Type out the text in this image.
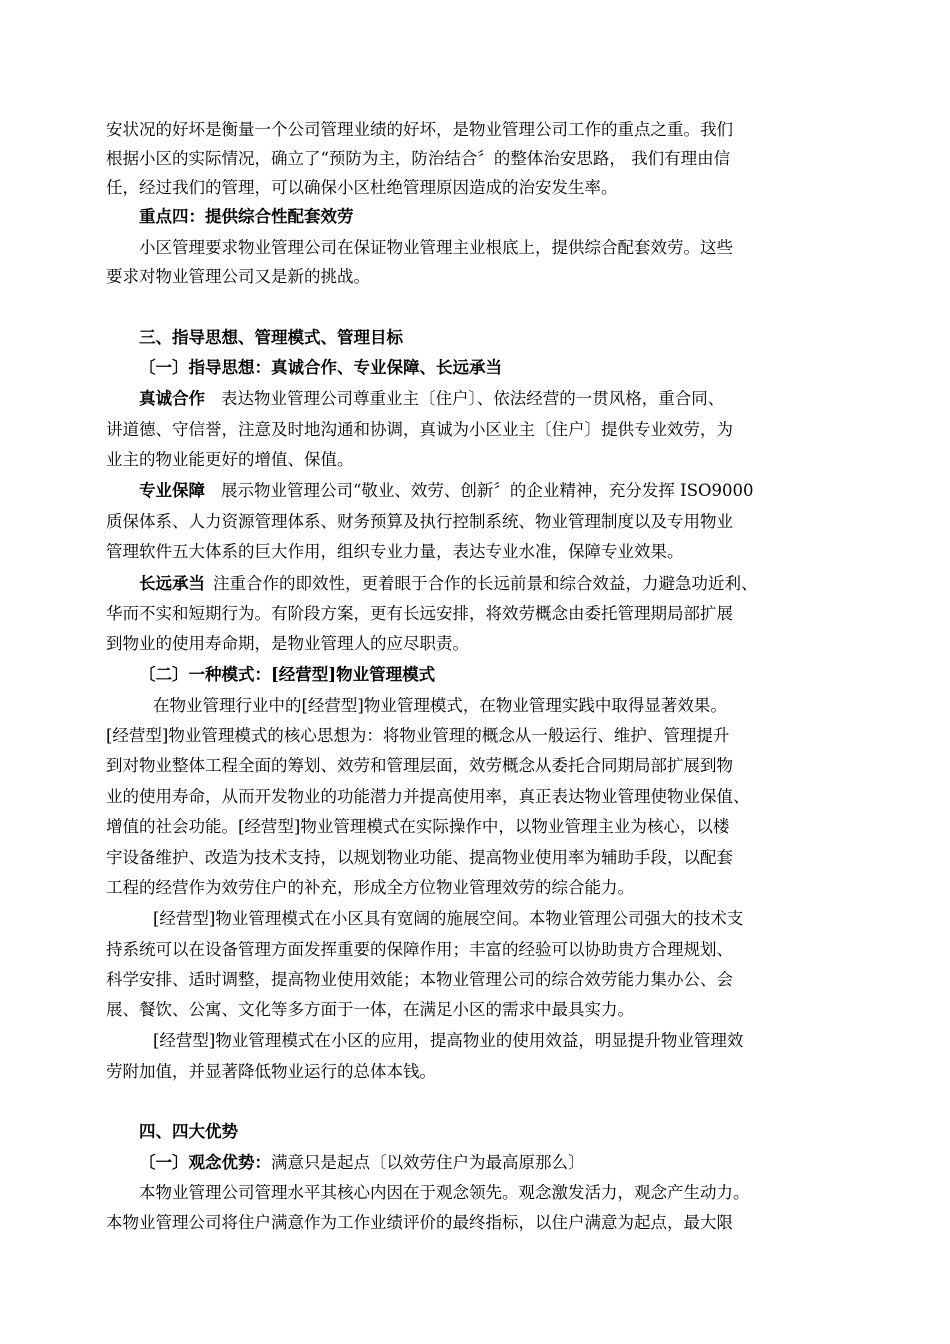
安状况的好坏是衡量一个公司管理业绩的好坏，是物业管理公司工作的重点之重。我们
根据小区的实际情况，确立了“预防为主，防治结合〞的整体治安思路， 我们有理由信
任，经过我们的管理，可以确保小区杜绝管理原因造成的治安发生率。
重点四：提供综合性配套效劳
小区管理要求物业管理公司在保证物业管理主业根底上，提供综合配套效劳。这些
要求对物业管理公司又是新的挑战。
三、指导思想、管理模式、管理目标
〔一〕指导思想：真诚合作、专业保障、长远承当
真诚合作 表达物业管理公司尊重业主〔住户〕、依法经营的一贯风格，重合同、
讲道德、守信誉，注意及时地沟通和协调，真诚为小区业主〔住户〕提供专业效劳，为
业主的物业能更好的增值、保值。
专业保障 展示物业管理公司“敬业、效劳、创新〞的企业精神，充分发挥 ISO9000
质保体系、人力资源管理体系、财务预算及执行控制系统、物业管理制度以及专用物业
管理软件五大体系的巨大作用，组织专业力量，表达专业水准，保障专业效果。
长远承当 注重合作的即效性，更着眼于合作的长远前景和综合效益，力避急功近利、
华而不实和短期行为。有阶段方案，更有长远安排，将效劳概念由委托管理期局部扩展
到物业的使用寿命期，是物业管理人的应尽职责。
〔二〕一种模式：[经营型]物业管理模式
在物业管理行业中的[经营型]物业管理模式，在物业管理实践中取得显著效果。
[经营型]物业管理模式的核心思想为：将物业管理的概念从一般运行、维护、管理提升
到对物业整体工程全面的筹划、效劳和管理层面，效劳概念从委托合同期局部扩展到物
业的使用寿命，从而开发物业的功能潜力并提高使用率，真正表达物业管理使物业保值、
增值的社会功能。[经营型]物业管理模式在实际操作中，以物业管理主业为核心，以楼
宇设备维护、改造为技术支持，以规划物业功能、提高物业使用率为辅助手段，以配套
工程的经营作为效劳住户的补充，形成全方位物业管理效劳的综合能力。
[经营型]物业管理模式在小区具有宽阔的施展空间。本物业管理公司强大的技术支
持系统可以在设备管理方面发挥重要的保障作用；丰富的经验可以协助贵方合理规划、
科学安排、适时调整，提高物业使用效能；本物业管理公司的综合效劳能力集办公、会
展、餐饮、公寓、文化等多方面于一体，在满足小区的需求中最具实力。
[经营型]物业管理模式在小区的应用，提高物业的使用效益，明显提升物业管理效
劳附加值，并显著降低物业运行的总体本钱。
四、四大优势
〔一〕观念优势：满意只是起点〔以效劳住户为最高原那么〕
本物业管理公司管理水平其核心内因在于观念领先。观念激发活力，观念产生动力。
本物业管理公司将住户满意作为工作业绩评价的最终指标，以住户满意为起点，最大限
